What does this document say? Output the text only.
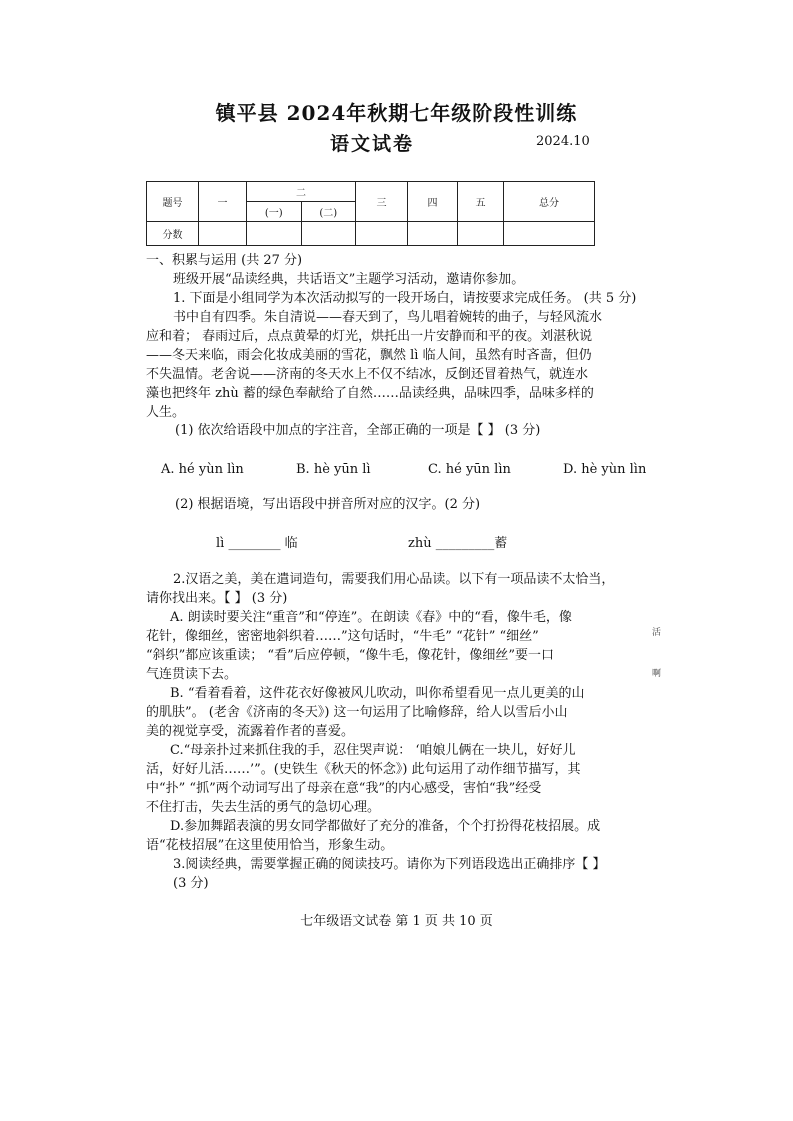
镇平县 2024年秋期七年级阶段性训练
语文试卷	2024.10
题号	一	二		三	四	五	总分
		(一)	(二)				
分数							
一、积累与运用 (共 27 分)
班级开展“品读经典，共话语文”主题学习活动，邀请你参加。
1. 下面是小组同学为本次活动拟写的一段开场白，请按要求完成任务。 (共 5 分)
书中自有四季。朱自清说——春天到了，鸟儿唱着婉转的曲子，与轻风流水
应和着； 春雨过后，点点黄晕的灯光，烘托出一片安静而和平的夜。刘湛秋说
——冬天来临，雨会化妆成美丽的雪花，飘然 lì 临人间，虽然有时吝啬，但仍
不失温情。老舍说——济南的冬天水上不仅不结冰，反倒还冒着热气，就连水
藻也把终年 zhù 蓄的绿色奉献给了自然……品读经典，品味四季，品味多样的
人生。
(1) 依次给语段中加点的字注音，全部正确的一项是【 】 (3 分)
A. hé yùn lìn	B. hè yūn lì	C. hé yūn lìn	D. hè yùn lìn
(2) 根据语境，写出语段中拼音所对应的汉字。(2 分)
lì ________ 临	zhù _________蓄
2.汉语之美，美在遣词造句，需要我们用心品读。以下有一项品读不太恰当，
请你找出来。【 】 (3 分)
A. 朗读时要关注“重音”和“停连”。在朗读《春》中的“看，像牛毛，像
花针，像细丝，密密地斜织着……”这句话时，“牛毛” “花针” “细丝”
“斜织”都应该重读； “看”后应停顿，“像牛毛，像花针，像细丝”要一口
气连贯读下去。
B. “看着看着，这件花衣好像被风儿吹动，叫你希望看见一点儿更美的山
的肌肤”。 (老舍《济南的冬天》) 这一句运用了比喻修辞，给人以雪后小山
美的视觉享受，流露着作者的喜爱。
C.“母亲扑过来抓住我的手，忍住哭声说： ‘咱娘儿俩在一块儿，好好儿
活，好好儿活……’”。(史铁生《秋天的怀念》) 此句运用了动作细节描写，其
中“扑” “抓”两个动词写出了母亲在意“我”的内心感受，害怕“我”经受
不住打击，失去生活的勇气的急切心理。
D.参加舞蹈表演的男女同学都做好了充分的准备，个个打扮得花枝招展。成
语“花枝招展”在这里使用恰当，形象生动。
3.阅读经典，需要掌握正确的阅读技巧。请你为下列语段选出正确排序【 】
(3 分)
活
啊
七年级语文试卷 第 1 页 共 10 页
